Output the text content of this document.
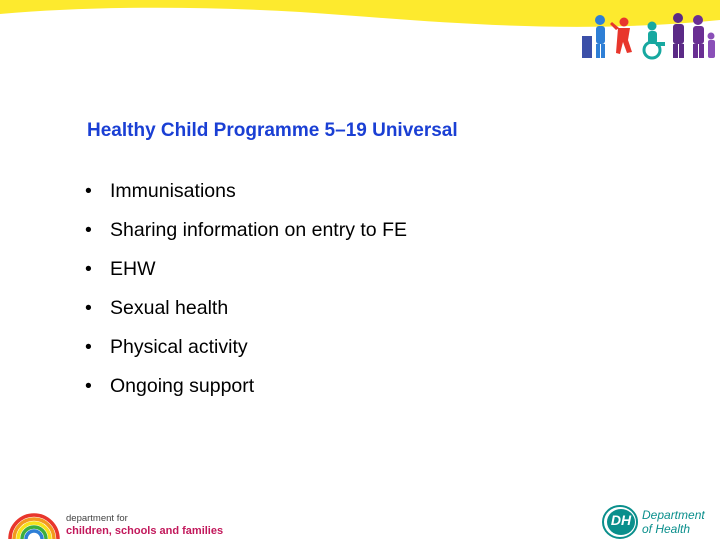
Healthy Child Programme 5–19 Universal
• Immunisations
• Sharing information on entry to FE
• EHW
• Sexual health
• Physical activity
• Ongoing support
department for
children, schools and families
DH Department
of Health
